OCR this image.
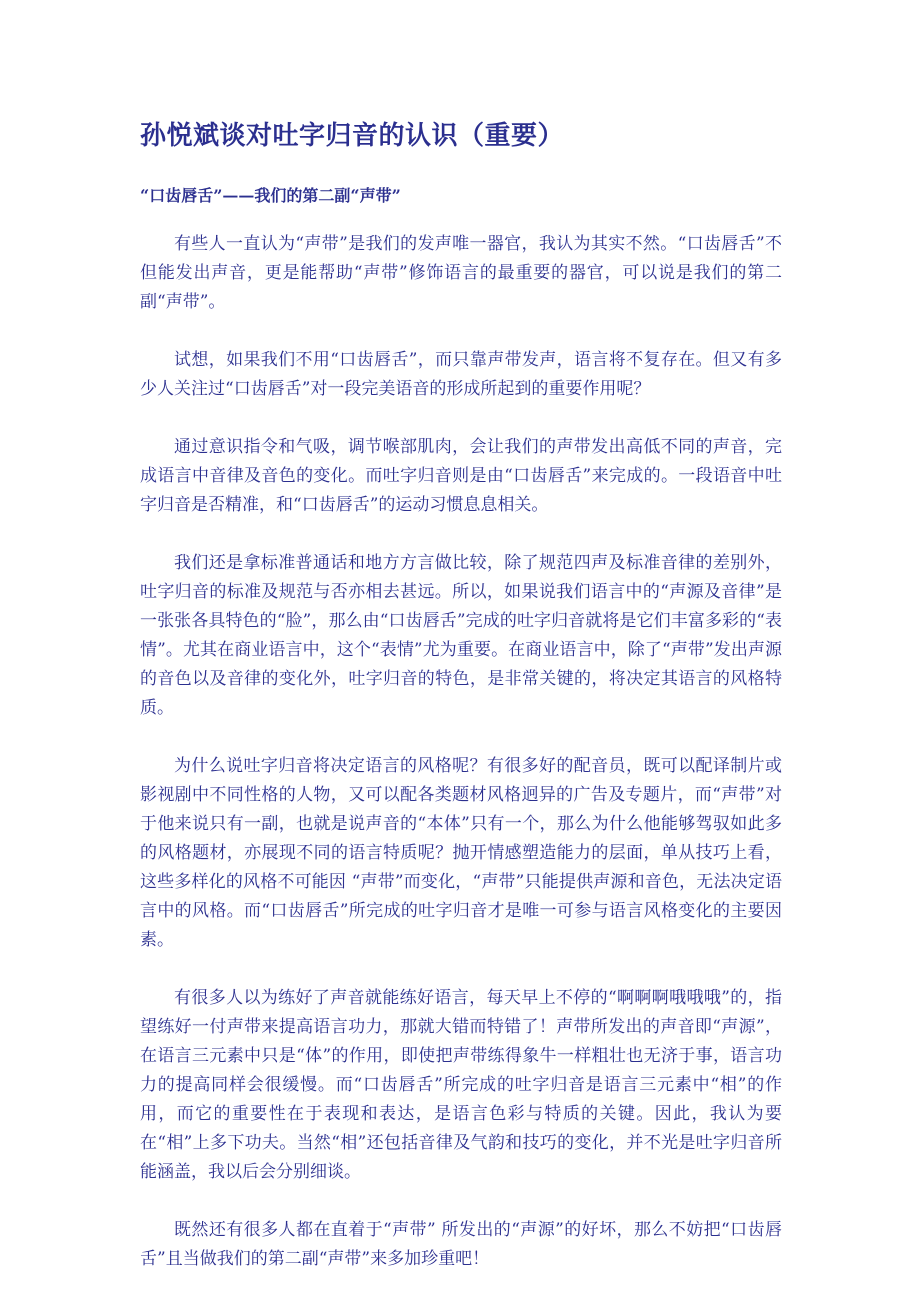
孙悦斌谈对吐字归音的认识（重要）
“口齿唇舌”——我们的第二副“声带”

有些人一直认为“声带”是我们的发声唯一器官，我认为其实不然。“口齿唇舌”不但能发出声音，更是能帮助“声带”修饰语言的最重要的器官，可以说是我们的第二副“声带”。

试想，如果我们不用“口齿唇舌”，而只靠声带发声，语言将不复存在。但又有多少人关注过“口齿唇舌”对一段完美语音的形成所起到的重要作用呢？

通过意识指令和气吸，调节喉部肌肉，会让我们的声带发出高低不同的声音，完成语言中音律及音色的变化。而吐字归音则是由“口齿唇舌”来完成的。一段语音中吐字归音是否精准，和“口齿唇舌”的运动习惯息息相关。

我们还是拿标准普通话和地方方言做比较，除了规范四声及标准音律的差别外，吐字归音的标准及规范与否亦相去甚远。所以，如果说我们语言中的“声源及音律”是一张张各具特色的“脸”，那么由“口齿唇舌”完成的吐字归音就将是它们丰富多彩的“表情”。尤其在商业语言中，这个“表情”尤为重要。在商业语言中，除了“声带”发出声源的音色以及音律的变化外，吐字归音的特色，是非常关键的，将决定其语言的风格特质。

为什么说吐字归音将决定语言的风格呢？有很多好的配音员，既可以配译制片或影视剧中不同性格的人物，又可以配各类题材风格迥异的广告及专题片，而“声带”对于他来说只有一副，也就是说声音的“本体”只有一个，那么为什么他能够驾驭如此多的风格题材，亦展现不同的语言特质呢？抛开情感塑造能力的层面，单从技巧上看，这些多样化的风格不可能因 “声带”而变化，“声带”只能提供声源和音色，无法决定语言中的风格。而“口齿唇舌”所完成的吐字归音才是唯一可参与语言风格变化的主要因素。

有很多人以为练好了声音就能练好语言，每天早上不停的“啊啊啊哦哦哦”的，指望练好一付声带来提高语言功力，那就大错而特错了！声带所发出的声音即“声源”，在语言三元素中只是“体”的作用，即使把声带练得象牛一样粗壮也无济于事，语言功力的提高同样会很缓慢。而“口齿唇舌”所完成的吐字归音是语言三元素中“相”的作用，而它的重要性在于表现和表达，是语言色彩与特质的关键。因此，我认为要在“相”上多下功夫。当然“相”还包括音律及气韵和技巧的变化，并不光是吐字归音所能涵盖，我以后会分别细谈。

既然还有很多人都在直着于“声带” 所发出的“声源”的好坏，那么不妨把“口齿唇舌”且当做我们的第二副“声带”来多加珍重吧！
